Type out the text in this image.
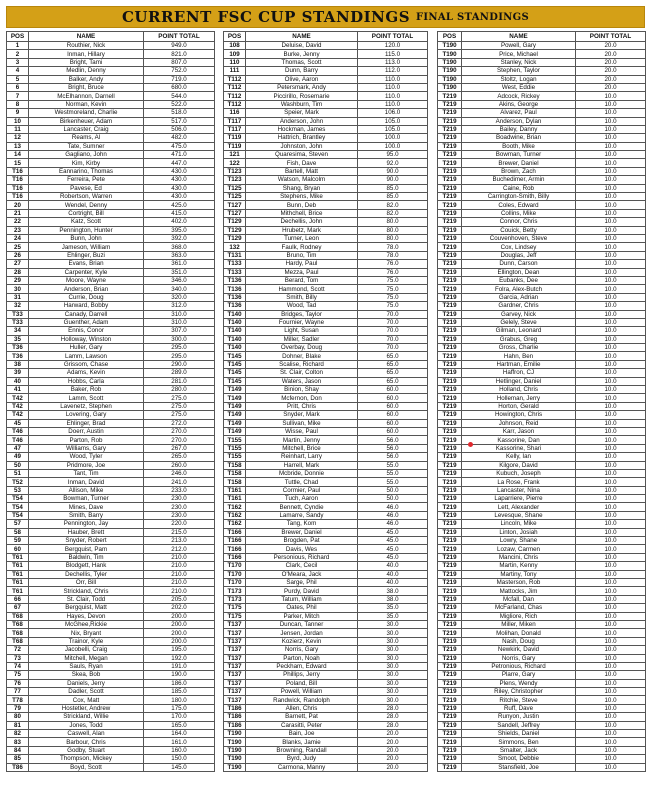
CURRENT FSC CUP STANDINGS FINAL STANDINGS
POS	NAME	POINT TOTAL
1	Routhier, Nick	949.0
2	Inman, Hillary	821.0
3	Bright, Tami	807.0
4	Medlin, Denny	752.0
5	Balker, Andy	719.0
6	Bright, Bruce	680.0
7	McElhannon, Darnell	544.0
8	Norman, Kevin	522.0
9	Westmoreland, Charlie	518.0
10	Birkenheuer, Adam	517.0
11	Lancaster, Craig	506.0
12	Reams, Al	482.0
13	Tate, Sumner	475.0
14	Gagliano, John	471.0
15	Kim, Kirby	447.0
T16	Eannarino, Thomas	430.0
T16	Ferreira, Pete	430.0
T16	Pavese, Ed	430.0
T16	Robertson, Warren	430.0
20	Wendel, Denny	425.0
21	Cortright, Bill	415.0
22	Katz, Scott	402.0
23	Pennington, Hunter	395.0
24	Bunn, John	392.0
25	Jameson, William	368.0
26	Ehlinger, Buzi	363.0
27	Evans, Brian	361.0
28	Carpenter, Kyle	351.0
29	Moore, Wayne	346.0
30	Anderson, Brian	340.0
31	Currie, Doug	320.0
32	Harward, Bobby	312.0
T33	Canady, Darrell	310.0
T33	Guenther, Adam	310.0
34	Ennis, Conor	307.0
35	Holloway, Winston	300.0
T36	Huller, Gary	295.0
T36	Lamm, Lawson	295.0
38	Grissom, Chase	290.0
39	Adams, Kevin	289.0
40	Hobbs, Carla	281.0
41	Baker, Rob	280.0
T42	Lamm, Scott	275.0
T42	Lavenetz, Stephen	275.0
T42	Lovering, Gary	275.0
45	Ehlinger, Brad	272.0
T46	Doerr, Austin	270.0
T46	Parton, Rob	270.0
47	Williams, Gary	267.0
49	Wood, Tyler	265.0
50	Pridmore, Joe	260.0
51	Tant, Tim	246.0
T52	Inman, David	241.0
53	Allison, Mike	233.0
T54	Bowman, Turner	230.0
T54	Mines, Dave	230.0
T54	Smith, Barry	230.0
57	Pennington, Jay	220.0
58	Hauber, Brett	215.0
59	Snyder, Robert	213.0
60	Bergquist, Pam	212.0
T61	Baldwin, Tim	210.0
T61	Blodgett, Hank	210.0
T61	Dechellis, Tyler	210.0
T61	Orr, Bill	210.0
T61	Strickland, Chris	210.0
66	St. Clair, Todd	205.0
67	Bergquist, Matt	202.0
T68	Hayes, Devon	200.0
T68	McGhee,Rickie	200.0
T68	Nix, Bryant	200.0
T68	Trainor, Kyle	200.0
72	Jacobelli, Craig	195.0
73	Mitchell, Megan	192.0
74	Sauls, Ryan	191.0
75	Skea, Bob	190.0
76	Daniels, Jerry	186.0
77	Dadler, Scott	185.0
T78	Cox, Matt	180.0
79	Hostetler, Andrew	175.0
80	Strickland, Willie	170.0
81	Jones, Todd	165.0
82	Caswell, Alan	164.0
83	Barbour, Chris	161.0
84	Godby, Stuart	160.0
85	Thompson, Mickey	150.0
T86	Boyd, Scott	145.0
POS	NAME	POINT TOTAL
108	Deluise, David	120.0
109	Burke, Jenny	115.0
110	Thomas, Scott	113.0
111	Dunn, Barry	112.0
T112	Olive, Aaron	110.0
T112	Petersmark, Andy	110.0
T112	Piccirillo, Rosemarie	110.0
T112	Washburn, Tim	110.0
116	Speier, Mark	106.0
T117	Anderson, John	105.0
T117	Hockman, James	105.0
T119	Hattrich, Brantley	100.0
T119	Johnston, John	100.0
121	Quaresima, Steven	95.0
122	Fish, Dave	92.0
T123	Bartell, Matt	90.0
T123	Watson, Malcolm	90.0
T125	Shang, Bryan	85.0
T125	Stephens, Mike	85.0
T127	Bunn, Deb	82.0
T127	Mithchell, Brice	82.0
T129	Dechellis, John	80.0
T129	Hrubetz, Mark	80.0
T129	Turner, Leon	80.0
132	Faulk, Rodney	78.0
T131	Bruno, Tim	78.0
T133	Hardy, Paul	76.0
T133	Mezza, Paul	76.0
T136	Berard, Tom	75.0
T136	Hammond, Scott	75.0
T136	Smith, Billy	75.0
T136	Wood, Tad	75.0
T140	Bridges, Taylor	70.0
T140	Fournier, Wayne	70.0
T140	Light, Susan	70.0
T140	Miller, Sadler	70.0
T140	Overbay, Doug	70.0
T145	Dohner, Blake	65.0
T145	Scalise, Richard	65.0
T145	St. Clair, Colton	65.0
T145	Waters, Jason	65.0
T149	Binion, Shay	60.0
T149	Mcfernon, Don	60.0
T149	Pritt, Chris	60.0
T149	Snyder, Mark	60.0
T149	Sullivan, Mike	60.0
T149	Wisse, Paul	60.0
T155	Martin, Jenny	56.0
T155	Mitchell, Brice	56.0
T155	Reinhart, Larry	56.0
T158	Harrell, Mark	55.0
T158	Mcbride, Donnie	55.0
T158	Tuttle, Chad	55.0
T161	Cormier, Paul	50.0
T161	Tuch, Aaron	50.0
T162	Bennett, Cyndie	46.0
T162	Lamarre, Sandy	46.0
T162	Tang, Kom	46.0
T166	Brewer, Daniel	45.0
T166	Brogden, Pat	45.0
T166	Davis, Wes	45.0
T166	Personious, Richard	45.0
T170	Clark, Cecil	40.0
T170	O'Meara, Jack	40.0
T170	Sarge, Phil	40.0
T173	Purdy, David	38.0
T173	Tatum, William	38.0
T175	Oates, Phil	35.0
T175	Parker, Mitch	35.0
T137	Duncan, Tanner	30.0
T137	Jensen, Jordan	30.0
T137	Kozierz, Kevin	30.0
T137	Norris, Gary	30.0
T137	Parton, Noah	30.0
T137	Peckham, Edward	30.0
T137	Phillips, Jerry	30.0
T137	Poland, Bill	30.0
T137	Powell, William	30.0
T137	Randwick, Randolph	30.0
T186	Allen, Chris	28.0
T186	Barnett, Pat	28.0
T186	Carasitti, Peter	28.0
T190	Bain, Joe	20.0
T190	Blanks, Jamie	20.0
T190	Browning, Randall	20.0
T190	Byrd, Judy	20.0
T190	Carmona, Manny	20.0
POS	NAME	POINT TOTAL
T190	Powell, Gary	20.0
T190	Price, Michael	20.0
T190	Stanley, Nick	20.0
T190	Stephen, Taylor	20.0
T190	Stoltz, Logan	20.0
T190	West, Eddie	20.0
T219	Adcock, Rickey	10.0
T219	Akins, George	10.0
T219	Alvarez, Paul	10.0
T219	Anderson, Dylan	10.0
T219	Bailey, Danny	10.0
T219	Boadwine, Brian	10.0
T219	Booth, Mike	10.0
T219	Bowman, Turner	10.0
T219	Brewer, Daniel	10.0
T219	Brown, Zach	10.0
T219	Buchedimer, Armin	10.0
T219	Caine, Rob	10.0
T219	Carrington-Smith, Billy	10.0
T219	Coles, Edward	10.0
T219	Collins, Mike	10.0
T219	Connor, Chris	10.0
T219	Couick, Betty	10.0
T219	Couvenhoven, Steve	10.0
T219	Cox, Lindsey	10.0
T219	Douglas, Jeff	10.0
T219	Dunn, Carson	10.0
T219	Ellington, Dean	10.0
T219	Eubanks, Dee	10.0
T219	Folra, Alex-Butch	10.0
T219	Garcia, Adrian	10.0
T219	Gardner, Chris	10.0
T219	Garvey, Nick	10.0
T219	Gelely, Steve	10.0
T219	Gilman, Leonard	10.0
T219	Grabus, Greg	10.0
T219	Gross, Charlie	10.0
T219	Hahn, Ben	10.0
T219	Hartman, Emilie	10.0
T219	Haffron, CJ	10.0
T219	Hetlinger, Daniel	10.0
T219	Holland, Chris	10.0
T219	Holleman, Jerry	10.0
T219	Horton, Gerald	10.0
T219	Howington, Chris	10.0
T219	Johnson, Reid	10.0
T219	Karr, Jason	10.0
T219	Kassorine, Dan	10.0
T219	Kassorine, Shari	10.0
T219	Kelly, Ian	10.0
T219	Kilgore, David	10.0
T219	Kubuch, Joseph	10.0
T219	La Rose, Frank	10.0
T219	Lancaster, Nina	10.0
T219	Laparriere, Pierre	10.0
T219	Lett, Alexander	10.0
T219	Levesque, Shane	10.0
T219	Lincoln, Mike	10.0
T219	Linton, Josiah	10.0
T219	Lowry, Shane	10.0
T219	Lozaw, Carmen	10.0
T219	Mancini, Chris	10.0
T219	Martin, Kenny	10.0
T219	Martiny, Tony	10.0
T219	Masterson, Rob	10.0
T219	Mattocks, Jim	10.0
T219	Mcfall, Dan	10.0
T219	McFarland, Chas	10.0
T219	Migliore, Rich	10.0
T219	Miller, Miken	10.0
T219	Molihan, Donald	10.0
T219	Nash, Doug	10.0
T219	Newkirk, David	10.0
T219	Norris, Gary	10.0
T219	Petronious, Richard	10.0
T219	Plarre, Gary	10.0
T219	Plens, Wendy	10.0
T219	Riley, Christopher	10.0
T219	Ritchie, Steve	10.0
T219	Ruff, Dave	10.0
T219	Runyon, Justin	10.0
T219	Sandell, Jeffrey	10.0
T219	Shields, Daniel	10.0
T219	Simmons, Ben	10.0
T219	Smalter, Jack	10.0
T219	Smoot, Debbie	10.0
T219	Stansfield, Joe	10.0
